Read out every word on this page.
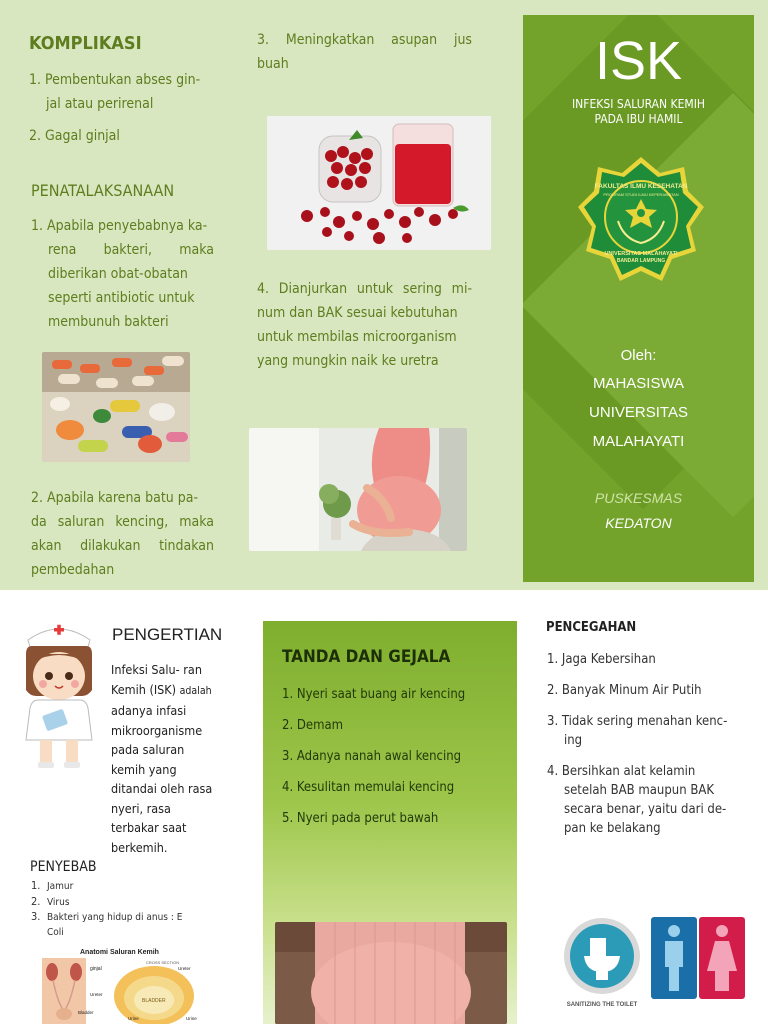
KOMPLIKASI

1. Pembentukan abses gin-

jal atau perirenal

2. Gagal ginjal

PENATALAKSANAAN

1. Apabila penyebabnya ka-

rena bakteri, maka

diberikan obat-obatan

seperti antibiotic untuk

membunuh bakteri

2. Apabila karena batu pa-

da saluran kencing, maka

akan dilakukan tindakan

pembedahan

3. Meningkatkan asupan jus

buah

4. Dianjurkan untuk sering mi-

num dan BAK sesuai kebutuhan

untuk membilas microorganism

yang mungkin naik ke uretra

ISK
INFEKSI SALURAN KEMIH
PADA IBU HAMIL
FAKULTAS ILMU KESEHATAN
PROGRAM STUDI ILMU KEPERAWATAN
UNIVERSITAS MALAHAYATI
BANDAR LAMPUNG
Oleh:
MAHASISWA
UNIVERSITAS
MALAHAYATI
PUSKESMAS
KEDATON
PENGERTIAN
Infeksi Salu- ran
Kemih (ISK) adalah
adanya infasi
mikroorganisme
pada saluran
kemih yang
ditandai oleh rasa
nyeri, rasa
terbakar saat
berkemih.
PENYEBAB
1. Jamur
2. Virus
3. Bakteri yang hidup di anus : E
Coli
Anatomi Saluran Kemih
ginjal
Ureter
Bladder
CROSS SECTION
BLADDER
Ureter
Urine	Urine
TANDA DAN GEJALA

1. Nyeri saat buang air kencing

2. Demam

3. Adanya nanah awal kencing

4. Kesulitan memulai kencing

5. Nyeri pada perut bawah

PENCEGAHAN

1. Jaga Kebersihan

2. Banyak Minum Air Putih

3. Tidak sering menahan kenc-

ing

4. Bersihkan alat kelamin

setelah BAB maupun BAK

secara benar, yaitu dari de-

pan ke belakang

SANITIZING THE TOILET
